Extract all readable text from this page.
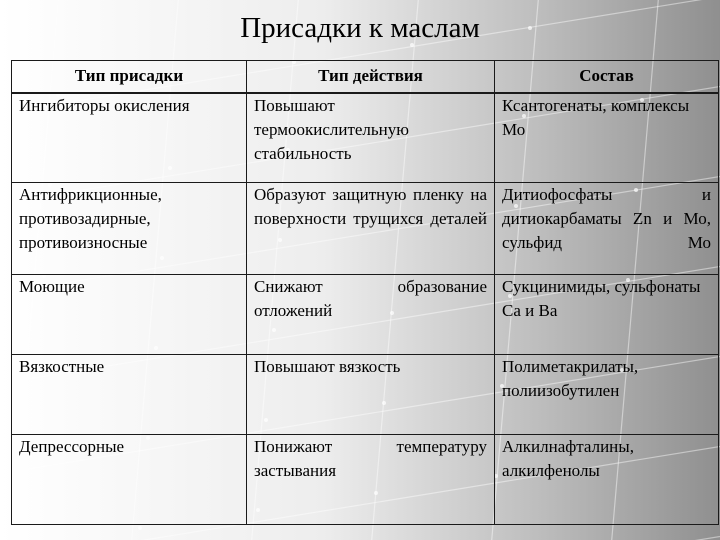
Присадки к маслам
Тип присадки	Тип действия	Состав
Ингибиторы окисления	Повышают термоокислительную стабильность	Ксантогенаты, комплексы Мо
Антифрикционные, противозадирные, противоизносные	Образуют защитную пленку на поверхности трущихся деталей	Дитиофосфаты и дитиокарбаматы Zn и Мо, сульфид Мо
Моющие	Снижают образование отложений	Сукцинимиды, сульфонаты Са и Ва
Вязкостные	Повышают вязкость	Полиметакрилаты, полиизобутилен
Депрессорные	Понижают температуру застывания	Алкилнафталины, алкилфенолы
